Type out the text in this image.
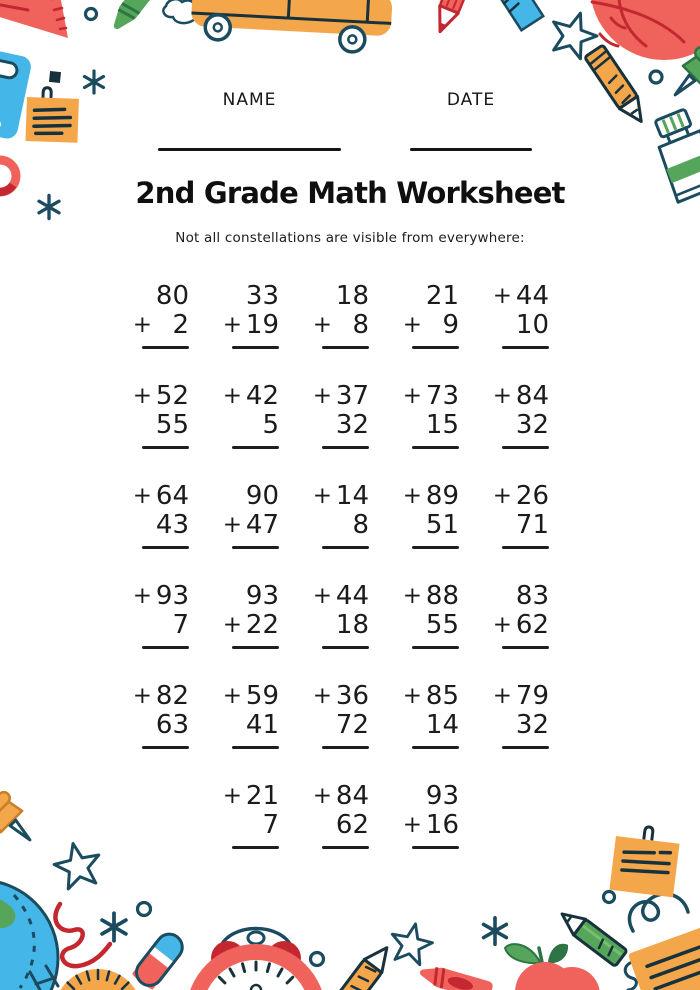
NAME	DATE
2nd Grade Math Worksheet
Not all constellations are visible from everywhere:
80
+ 2
33
+ 19
18
+ 8
21
+ 9
+ 44
10
+ 52
55
+ 42
5
+ 37
32
+ 73
15
+ 84
32
+ 64
43
90
+ 47
+ 14
8
+ 89
51
+ 26
71
+ 93
7
93
+ 22
+ 44
18
+ 88
55
83
+ 62
+ 82
63
+ 59
41
+ 36
72
+ 85
14
+ 79
32
+ 21
7
+ 84
62
93
+ 16
